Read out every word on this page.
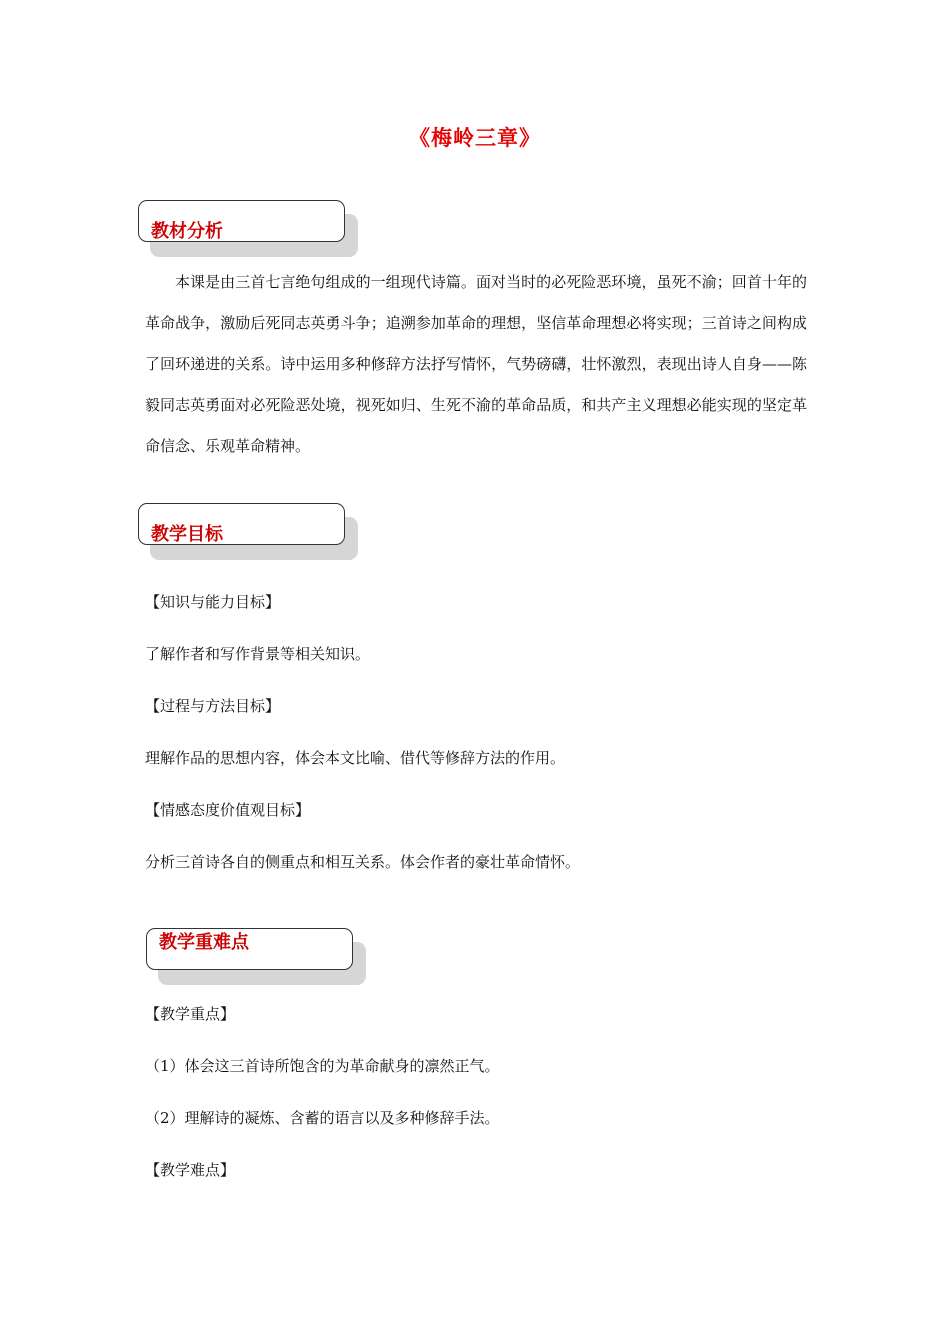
《梅岭三章》
教材分析
本课是由三首七言绝句组成的一组现代诗篇。面对当时的必死险恶环境，虽死不渝；回首十年的革命战争，激励后死同志英勇斗争；追溯参加革命的理想，坚信革命理想必将实现；三首诗之间构成了回环递进的关系。诗中运用多种修辞方法抒写情怀，气势磅礴，壮怀激烈，表现出诗人自身——陈毅同志英勇面对必死险恶处境，视死如归、生死不渝的革命品质，和共产主义理想必能实现的坚定革命信念、乐观革命精神。
教学目标
【知识与能力目标】
了解作者和写作背景等相关知识。
【过程与方法目标】
理解作品的思想内容，体会本文比喻、借代等修辞方法的作用。
【情感态度价值观目标】
分析三首诗各自的侧重点和相互关系。体会作者的豪壮革命情怀。
教学重难点
【教学重点】
（1）体会这三首诗所饱含的为革命献身的凛然正气。
（2）理解诗的凝炼、含蓄的语言以及多种修辞手法。
【教学难点】
